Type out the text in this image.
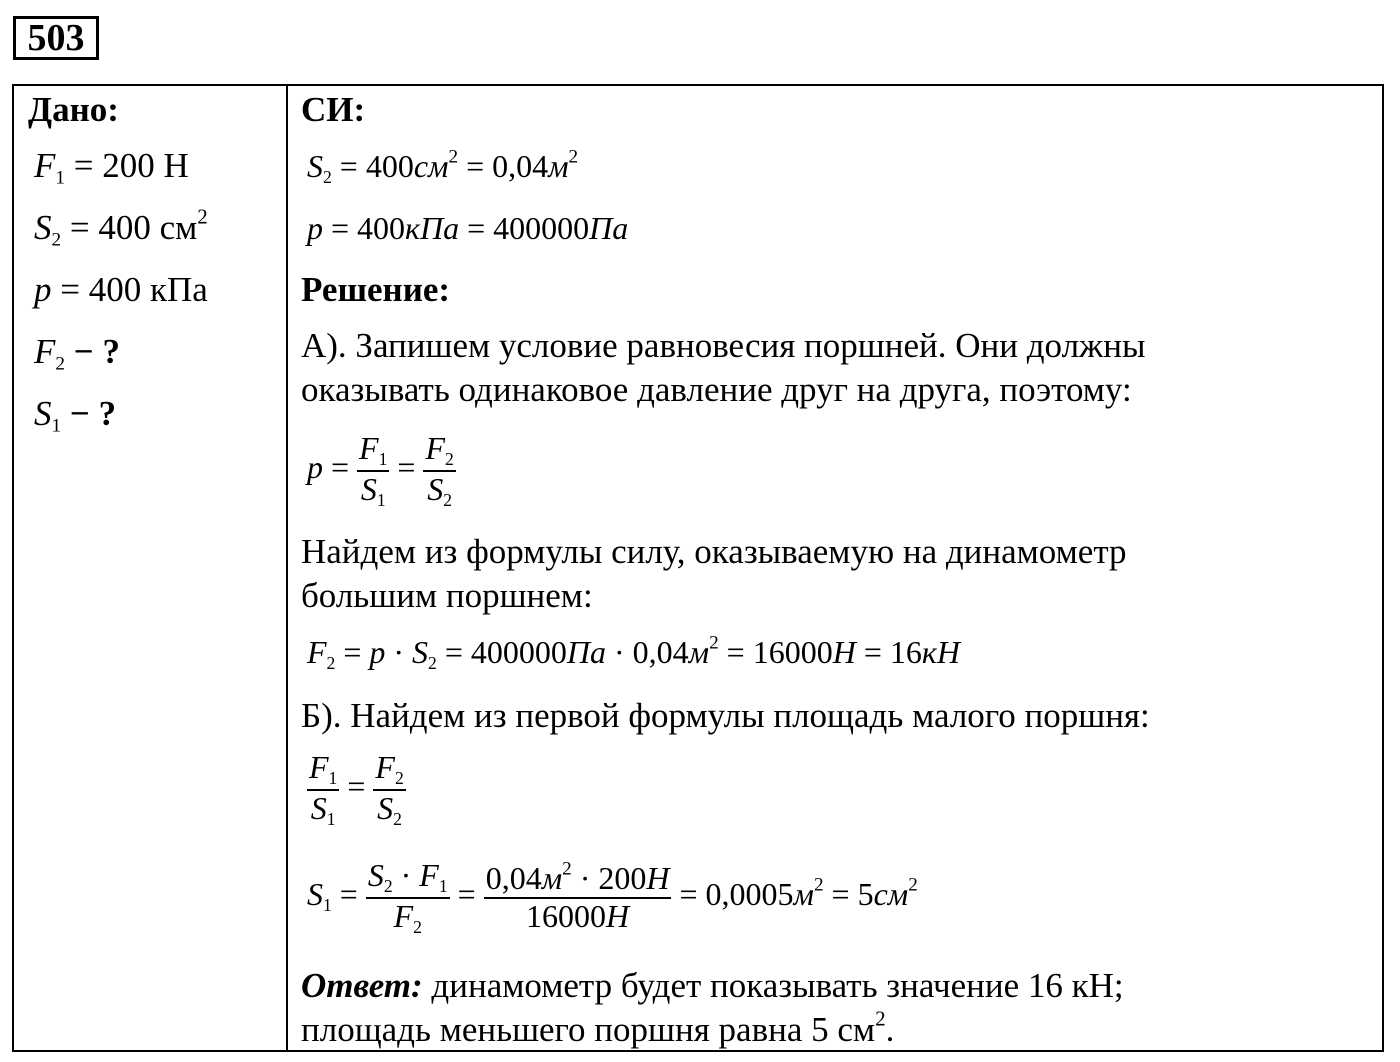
503
Дано:
$F_1 = 200$ Н
$S_2 = 400$ $см^2$
p = 400 кПа
$F_2$ − ?
$S_1$ − ?
СИ:
$S_2 = 400см^2 = 0,04м^2$
p = 400кПа = 400000Па
Решение:
А). Запишем условие равновесия поршней. Они должны
оказывать одинаковое давление друг на друга, поэтому:
$p = \frac{F_1}{S_1} = \frac{F_2}{S_2}$
Найдем из формулы силу, оказываемую на динамометр
большим поршнем:
$F_2 = p \cdot S_2 = 400000Па \cdot 0,04м^2 = 16000Н = 16кН$
Б). Найдем из первой формулы площадь малого поршня:
$\frac{F_1}{S_1} = \frac{F_2}{S_2}$
$S_1 = \frac{S_2 \cdot F_1}{F_2} = \frac{0,04м^2 \cdot 200Н}{16000Н} = 0,0005м^2 = 5см^2$
Ответ: динамометр будет показывать значение 16 кН;
площадь меньшего поршня равна 5 $см^2$.
